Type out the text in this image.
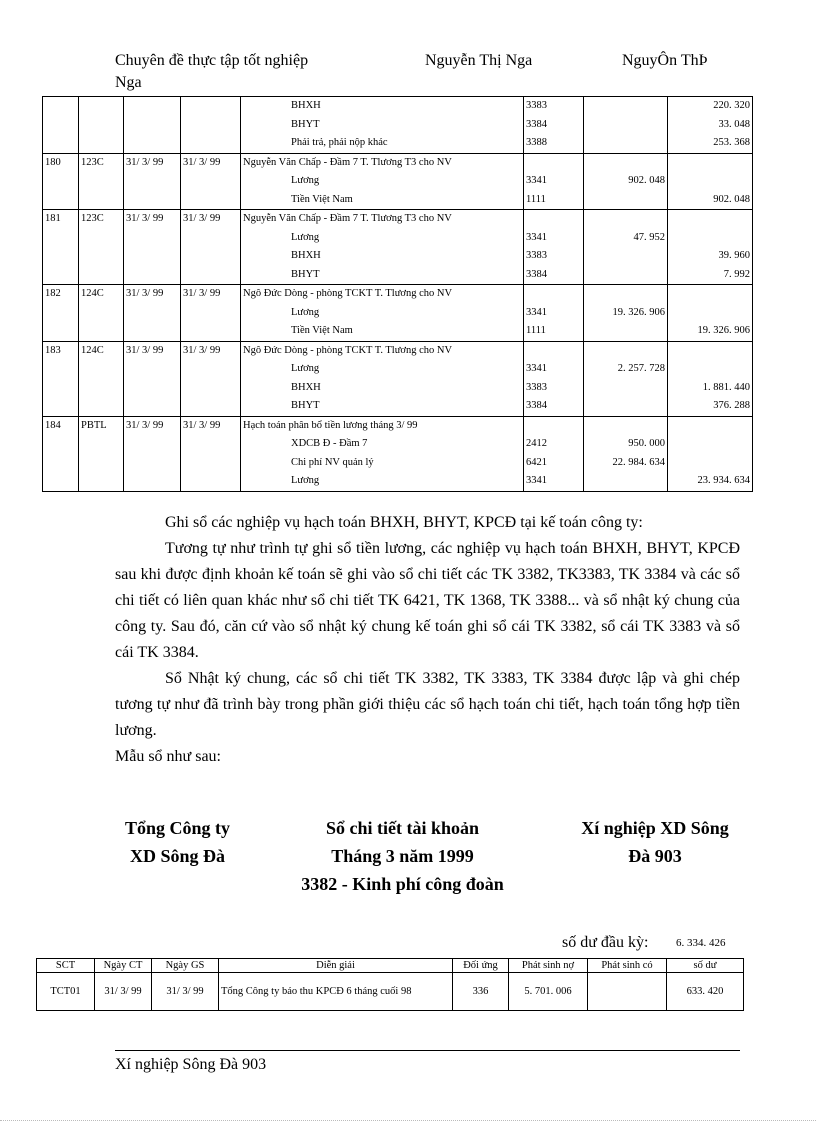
Chuyên đề thực tập tốt nghiệp
Nga
Nguyễn Thị Nga	NguyÔn ThÞ
				BHXH	3383		220. 320
				BHYT	3384		33. 048
				Phải trả, phải nộp khác	3388		253. 368
180	123C	31/ 3/ 99	31/ 3/ 99	Nguyễn Văn Chấp - Đầm 7 T. Tlương T3 cho NV			
				Lương	3341	902. 048	
				Tiền Việt Nam	1111		902. 048
181	123C	31/ 3/ 99	31/ 3/ 99	Nguyễn Văn Chấp - Đầm 7 T. Tlương T3 cho NV			
				Lương	3341	47. 952	
				BHXH	3383		39. 960
				BHYT	3384		7. 992
182	124C	31/ 3/ 99	31/ 3/ 99	Ngô Đức Dòng - phòng TCKT T. Tlương cho NV			
				Lương	3341	19. 326. 906	
				Tiền Việt Nam	1111		19. 326. 906
183	124C	31/ 3/ 99	31/ 3/ 99	Ngô Đức Dòng - phòng TCKT T. Tlương cho NV			
				Lương	3341	2. 257. 728	
				BHXH	3383		1. 881. 440
				BHYT	3384		376. 288
184	PBTL	31/ 3/ 99	31/ 3/ 99	Hạch toán phân bổ tiền lương tháng 3/ 99			
				XDCB Đ - Đầm 7	2412	950. 000	
				Chi phí NV quản lý	6421	22. 984. 634	
				Lương	3341		23. 934. 634

Ghi sổ các nghiệp vụ hạch toán BHXH, BHYT, KPCĐ tại kế toán công ty:

Tương tự như trình tự ghi sổ tiền lương, các nghiệp vụ hạch toán BHXH, BHYT, KPCĐ sau khi được định khoản kế toán sẽ ghi vào sổ chi tiết các TK 3382, TK3383, TK 3384 và các sổ chi tiết có liên quan khác như sổ chi tiết TK 6421, TK 1368, TK 3388... và sổ nhật ký chung của công ty. Sau đó, căn cứ vào sổ nhật ký chung kế toán ghi sổ cái TK 3382, sổ cái TK 3383 và sổ cái TK 3384.

Sổ Nhật ký chung, các sổ chi tiết TK 3382, TK 3383, TK 3384 được lập và ghi chép tương tự như đã trình bày trong phần giới thiệu các sổ hạch toán chi tiết, hạch toán tổng hợp tiền lương.

Mẫu sổ như sau:

Tổng Công ty
XD Sông Đà
Sổ chi tiết tài khoản
Tháng 3 năm 1999
3382 - Kinh phí công đoàn
Xí nghiệp XD Sông
Đà 903
số dư đầu kỳ:	6. 334. 426
SCT	Ngày CT	Ngày GS	Diễn giải	Đối ứng	Phát sinh nợ	Phát sinh có	số dư
TCT01	31/ 3/ 99	31/ 3/ 99	Tổng Công ty báo thu KPCĐ 6 tháng cuối 98	336	5. 701. 006		633. 420
Xí nghiệp Sông Đà 903
